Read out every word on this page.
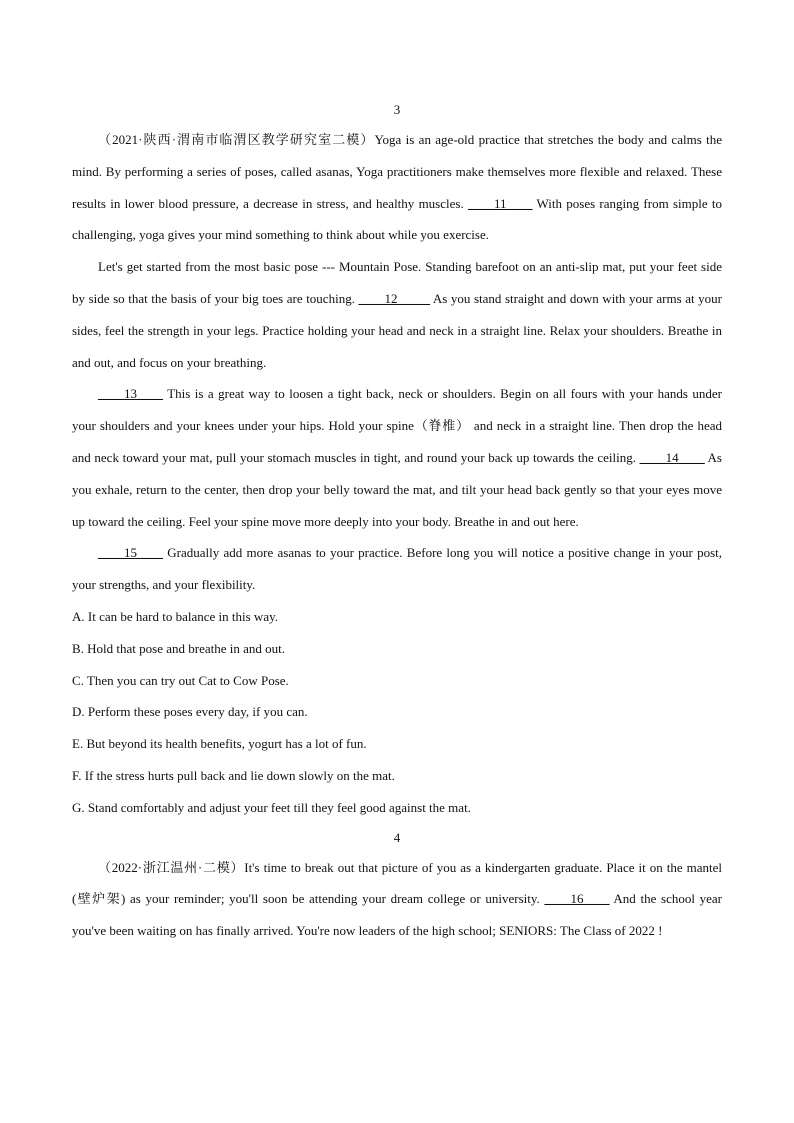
3

（2021·陕西·渭南市临渭区教学研究室二模）Yoga is an age-old practice that stretches the body and calms the mind. By performing a series of poses, called asanas, Yoga practitioners make themselves more flexible and relaxed. These results in lower blood pressure, a decrease in stress, and healthy muscles. ____11____ With poses ranging from simple to challenging, yoga gives your mind something to think about while you exercise.

Let's get started from the most basic pose --- Mountain Pose. Standing barefoot on an anti-slip mat, put your feet side by side so that the basis of your big toes are touching. ____12_____ As you stand straight and down with your arms at your sides, feel the strength in your legs. Practice holding your head and neck in a straight line. Relax your shoulders. Breathe in and out, and focus on your breathing.

____13____ This is a great way to loosen a tight back, neck or shoulders. Begin on all fours with your hands under your shoulders and your knees under your hips. Hold your spine（脊椎） and neck in a straight line. Then drop the head and neck toward your mat, pull your stomach muscles in tight, and round your back up towards the ceiling. ____14____ As you exhale, return to the center, then drop your belly toward the mat, and tilt your head back gently so that your eyes move up toward the ceiling. Feel your spine move more deeply into your body. Breathe in and out here.

____15____ Gradually add more asanas to your practice. Before long you will notice a positive change in your post, your strengths, and your flexibility.

A. It can be hard to balance in this way.

B. Hold that pose and breathe in and out.

C. Then you can try out Cat to Cow Pose.

D. Perform these poses every day, if you can.

E. But beyond its health benefits, yogurt has a lot of fun.

F. If the stress hurts pull back and lie down slowly on the mat.

G. Stand comfortably and adjust your feet till they feel good against the mat.

4

（2022·浙江温州·二模）It's time to break out that picture of you as a kindergarten graduate. Place it on the mantel (壁炉架) as your reminder; you'll soon be attending your dream college or university. ____16____ And the school year you've been waiting on has finally arrived. You're now leaders of the high school; SENIORS: The Class of 2022 !
